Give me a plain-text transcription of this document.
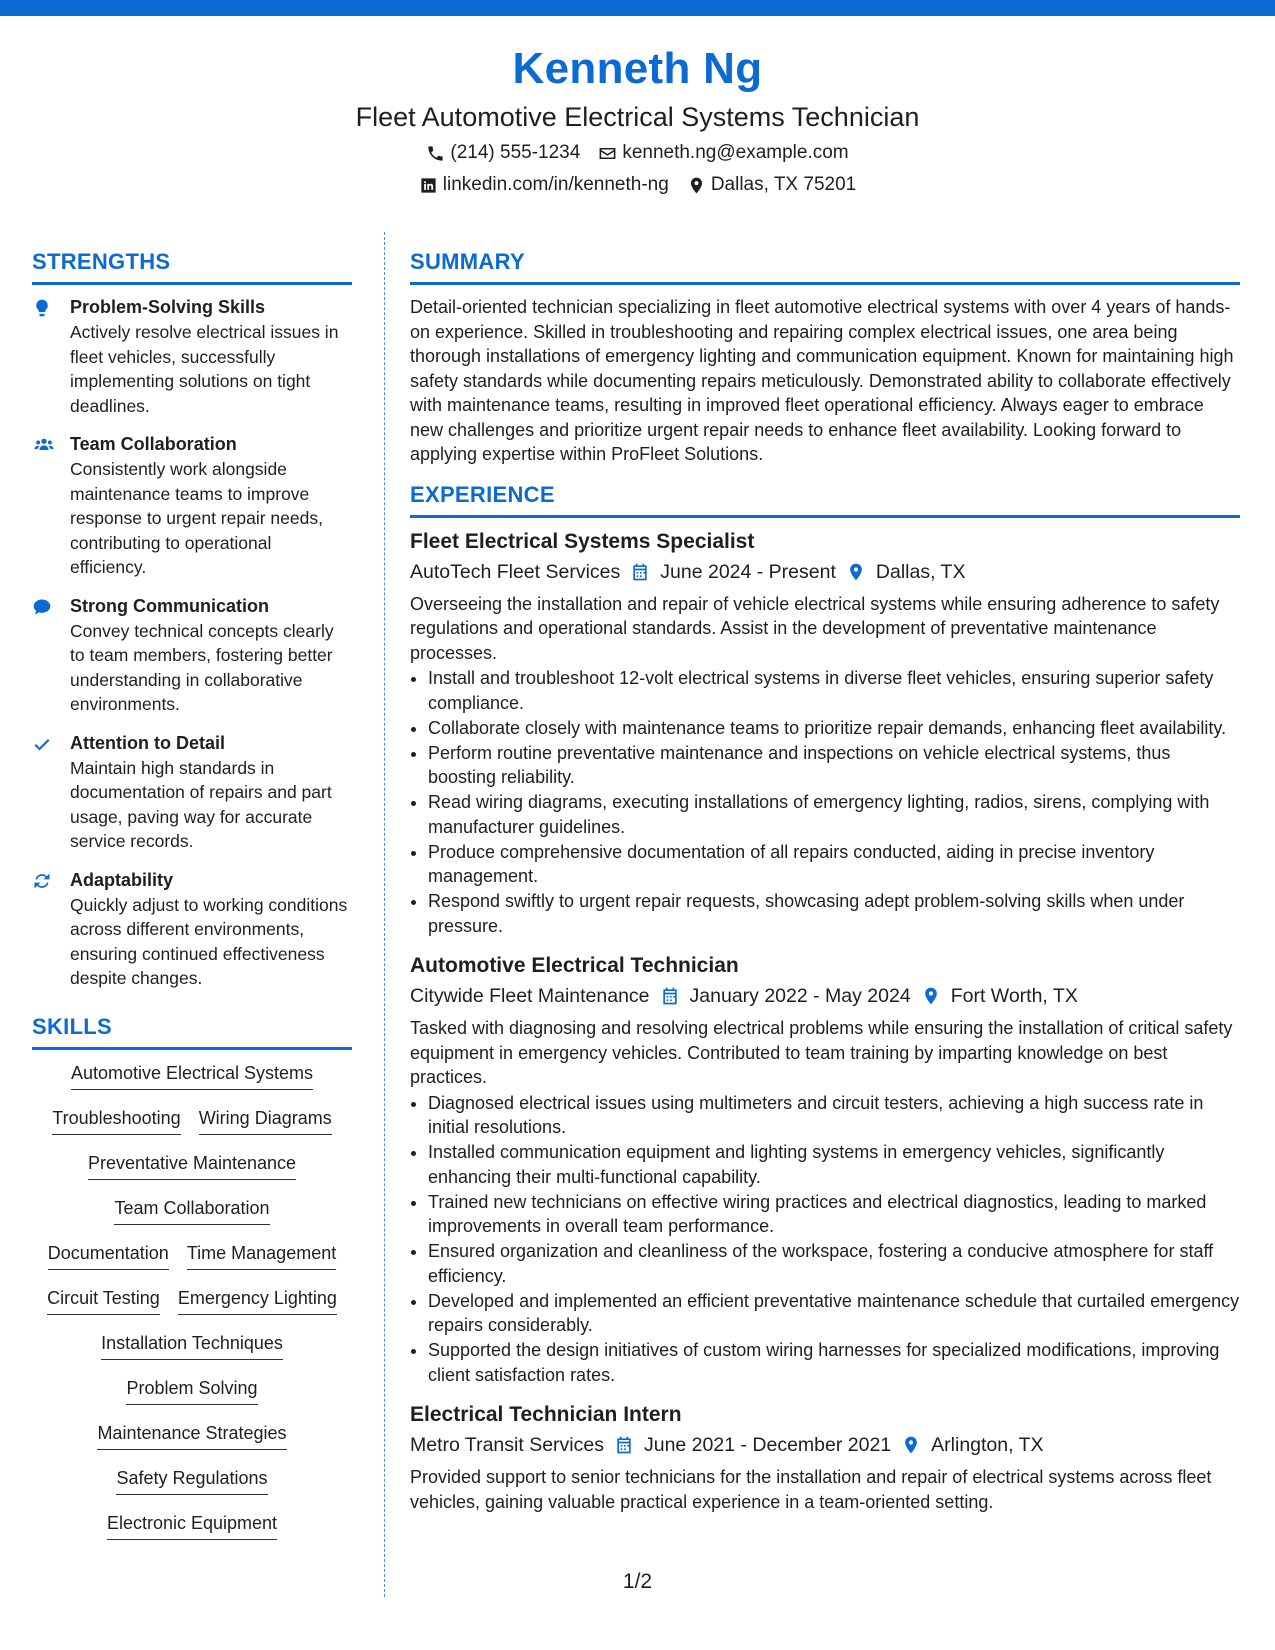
Kenneth Ng
Fleet Automotive Electrical Systems Technician
(214) 555-1234 kenneth.ng@example.com
linkedin.com/in/kenneth-ng Dallas, TX 75201
STRENGTHS
Problem-Solving Skills
Actively resolve electrical issues in fleet vehicles, successfully implementing solutions on tight deadlines.
Team Collaboration
Consistently work alongside maintenance teams to improve response to urgent repair needs, contributing to operational efficiency.
Strong Communication
Convey technical concepts clearly to team members, fostering better understanding in collaborative environments.
Attention to Detail
Maintain high standards in documentation of repairs and part usage, paving way for accurate service records.
Adaptability
Quickly adjust to working conditions across different environments, ensuring continued effectiveness despite changes.
SKILLS
Automotive Electrical Systems
Troubleshooting Wiring Diagrams
Preventative Maintenance
Team Collaboration
Documentation Time Management
Circuit Testing Emergency Lighting
Installation Techniques
Problem Solving
Maintenance Strategies
Safety Regulations
Electronic Equipment
SUMMARY
Detail-oriented technician specializing in fleet automotive electrical systems with over 4 years of hands-on experience. Skilled in troubleshooting and repairing complex electrical issues, one area being thorough installations of emergency lighting and communication equipment. Known for maintaining high safety standards while documenting repairs meticulously. Demonstrated ability to collaborate effectively with maintenance teams, resulting in improved fleet operational efficiency. Always eager to embrace new challenges and prioritize urgent repair needs to enhance fleet availability. Looking forward to applying expertise within ProFleet Solutions.
EXPERIENCE
Fleet Electrical Systems Specialist
AutoTech Fleet Services June 2024 - Present Dallas, TX
Overseeing the installation and repair of vehicle electrical systems while ensuring adherence to safety regulations and operational standards. Assist in the development of preventative maintenance processes.
• Install and troubleshoot 12-volt electrical systems in diverse fleet vehicles, ensuring superior safety compliance.
• Collaborate closely with maintenance teams to prioritize repair demands, enhancing fleet availability.
• Perform routine preventative maintenance and inspections on vehicle electrical systems, thus boosting reliability.
• Read wiring diagrams, executing installations of emergency lighting, radios, sirens, complying with manufacturer guidelines.
• Produce comprehensive documentation of all repairs conducted, aiding in precise inventory management.
• Respond swiftly to urgent repair requests, showcasing adept problem-solving skills when under pressure.
Automotive Electrical Technician
Citywide Fleet Maintenance January 2022 - May 2024 Fort Worth, TX
Tasked with diagnosing and resolving electrical problems while ensuring the installation of critical safety equipment in emergency vehicles. Contributed to team training by imparting knowledge on best practices.
• Diagnosed electrical issues using multimeters and circuit testers, achieving a high success rate in initial resolutions.
• Installed communication equipment and lighting systems in emergency vehicles, significantly enhancing their multi-functional capability.
• Trained new technicians on effective wiring practices and electrical diagnostics, leading to marked improvements in overall team performance.
• Ensured organization and cleanliness of the workspace, fostering a conducive atmosphere for staff efficiency.
• Developed and implemented an efficient preventative maintenance schedule that curtailed emergency repairs considerably.
• Supported the design initiatives of custom wiring harnesses for specialized modifications, improving client satisfaction rates.
Electrical Technician Intern
Metro Transit Services June 2021 - December 2021 Arlington, TX
Provided support to senior technicians for the installation and repair of electrical systems across fleet vehicles, gaining valuable practical experience in a team-oriented setting.
1/2
